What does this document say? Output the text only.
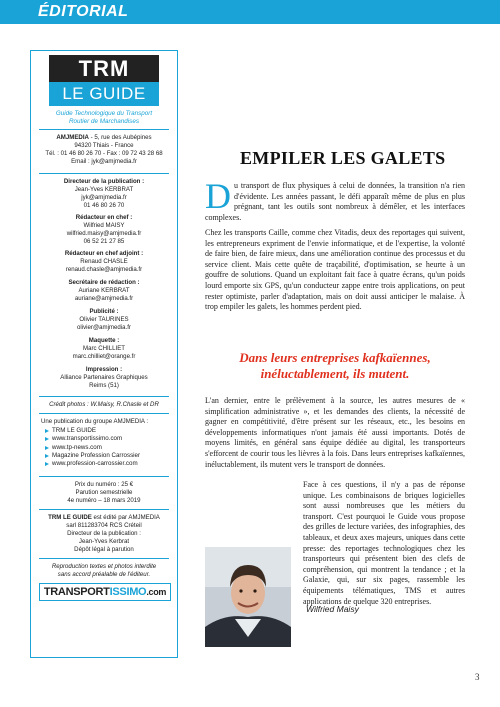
ÉDITORIAL
TRM
LE GUIDE
Guide Technologique du Transport
Routier de Marchandises
AMJMEDIA - 5, rue des Aubépines
94320 Thiais - France
Tél. : 01 46 80 26 70 - Fax : 09 72 43 28 68
Email : jyk@amjmedia.fr
Directeur de la publication :
Jean-Yves KERBRAT
jyk@amjmedia.fr
01 46 80 26 70
Rédacteur en chef :
Wilfried MAISY
wilfried.maisy@amjmedia.fr
06 52 21 27 85
Rédacteur en chef adjoint :
Renaud CHASLE
renaud.chasle@amjmedia.fr
Secrétaire de rédaction :
Auriane KERBRAT
auriane@amjmedia.fr
Publicité :
Olivier TAURINES
olivier@amjmedia.fr
Maquette :
Marc CHILLIET
marc.chilliet@orange.fr
Impression :
Alliance Partenaires Graphiques
Reims (51)
Crédit photos : W.Maisy, R.Chasle et DR
Une publication du groupe AMJMEDIA :
TRM LE GUIDE
www.transportissimo.com
www.tp-news.com
Magazine Profession Carrossier
www.profession-carrossier.com
Prix du numéro : 25 €
Parution semestrielle
4e numéro – 18 mars 2019
TRM LE GUIDE est édité par AMJMEDIA
sarl 811283704 RCS Créteil
Directeur de la publication :
Jean-Yves Kerbrat
Dépôt légal à parution
Reproduction textes et photos interdite
sans accord préalable de l'éditeur.
TRANSPORTISSIMO.com
EMPILER LES GALETS
Du transport de flux physiques à celui de données, la transition n'a rien d'évidente. Les années passant, le défi apparaît même de plus en plus prégnant, tant les outils sont nombreux à démêler, et les interfaces complexes.
Chez les transports Caille, comme chez Vitadis, deux des reportages qui suivent, les entrepreneurs expriment de l'envie informatique, et de l'expertise, la volonté de faire bien, de faire mieux, dans une amélioration continue des processus et du service client. Mais cette quête de traçabilité, d'optimisation, se heurte à un gouffre de solutions. Quand un exploitant fait face à quatre écrans, qu'un poids lourd emporte six GPS, qu'un conducteur zappe entre trois applications, on peut rester optimiste, parler d'adaptation, mais on doit aussi anticiper le malaise. À trop empiler les galets, les hommes perdent pied.
Dans leurs entreprises kafkaïennes, inéluctablement, ils mutent.
L'an dernier, entre le prélèvement à la source, les autres mesures de « simplification administrative », et les demandes des clients, la nécessité de gagner en compétitivité, d'être présent sur les réseaux, etc., les besoins en développements informatiques n'ont jamais été aussi importants. Dotés de moyens limités, en général sans équipe dédiée au digital, les transporteurs s'efforcent de courir tous les lièvres à la fois. Dans leurs entreprises kafkaïennes, inéluctablement, ils mutent vers le transport de données.
Face à ces questions, il n'y a pas de réponse unique. Les combinaisons de briques logicielles sont aussi nombreuses que les métiers du transport. C'est pourquoi le Guide vous propose des grilles de lecture variées, des infographies, des tableaux, et deux axes majeurs, uniques dans cette presse: des reportages technologiques chez les transporteurs qui présentent bien des clefs de compréhension, qui montrent la tendance ; et la Galaxie, qui, sur six pages, rassemble les équipements télématiques, TMS et autres applications de quelque 320 entreprises.
Wilfried Maisy
3
